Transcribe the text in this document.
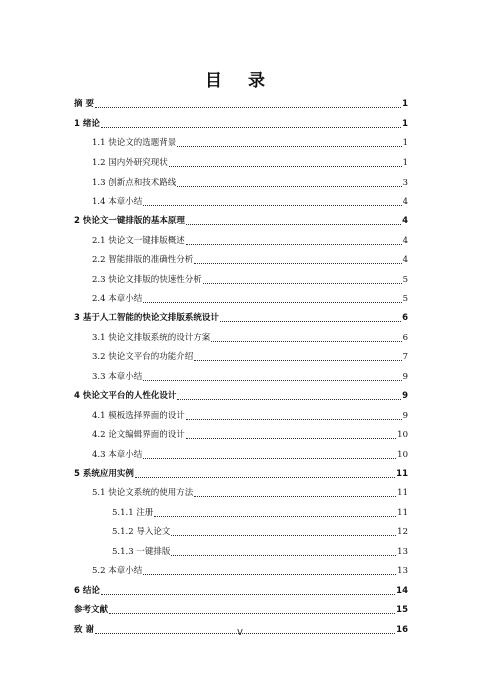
目 录
摘 要	1
1 绪论	1
1.1 快论文的选题背景	1
1.2 国内外研究现状	1
1.3 创新点和技术路线	3
1.4 本章小结	4
2 快论文一键排版的基本原理	4
2.1 快论文一键排版概述	4
2.2 智能排版的准确性分析	4
2.3 快论文排版的快速性分析	5
2.4 本章小结	5
3 基于人工智能的快论文排版系统设计	6
3.1 快论文排版系统的设计方案	6
3.2 快论文平台的功能介绍	7
3.3 本章小结	9
4 快论文平台的人性化设计	9
4.1 模板选择界面的设计	9
4.2 论文编辑界面的设计	10
4.3 本章小结	10
5 系统应用实例	11
5.1 快论文系统的使用方法	11
5.1.1 注册	11
5.1.2 导入论文	12
5.1.3 一键排版	13
5.2 本章小结	13
6 结论	14
参考文献	15
致 谢	16
V
